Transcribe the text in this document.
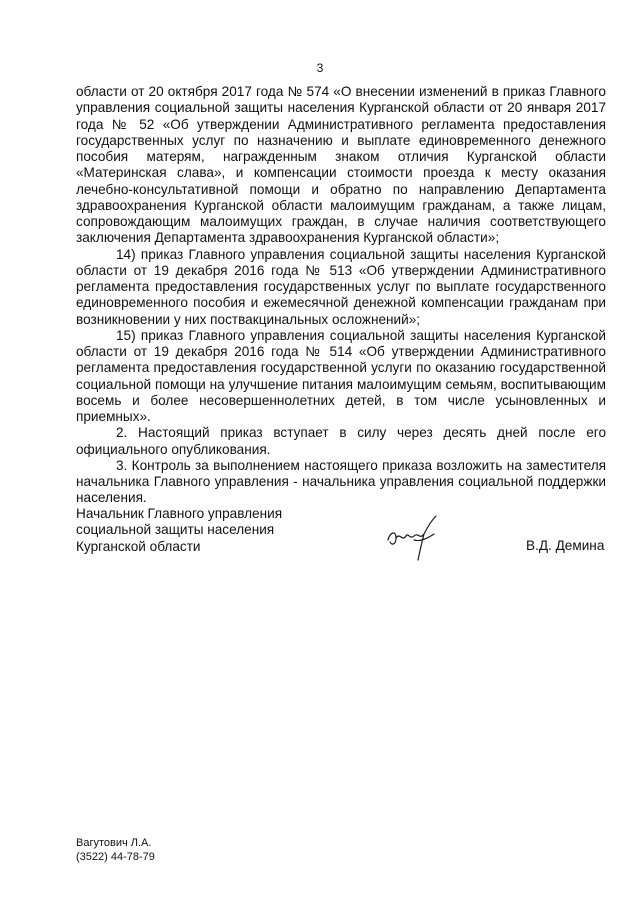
3

области от 20 октября 2017 года № 574 «О внесении изменений в приказ Главного управления социальной защиты населения Курганской области от 20 января 2017 года № 52 «Об утверждении Административного регламента предоставления государственных услуг по назначению и выплате единовременного денежного пособия матерям, награжденным знаком отличия Курганской области «Материнская слава», и компенсации стоимости проезда к месту оказания лечебно-консультативной помощи и обратно по направлению Департамента здравоохранения Курганской области малоимущим гражданам, а также лицам, сопровождающим малоимущих граждан, в случае наличия соответствующего заключения Департамента здравоохранения Курганской области»;

14) приказ Главного управления социальной защиты населения Курганской области от 19 декабря 2016 года № 513 «Об утверждении Административного регламента предоставления государственных услуг по выплате государственного единовременного пособия и ежемесячной денежной компенсации гражданам при возникновении у них поствакцинальных осложнений»;

15) приказ Главного управления социальной защиты населения Курганской области от 19 декабря 2016 года № 514 «Об утверждении Административного регламента предоставления государственной услуги по оказанию государственной социальной помощи на улучшение питания малоимущим семьям, воспитывающим восемь и более несовершеннолетних детей, в том числе усыновленных и приемных».

2. Настоящий приказ вступает в силу через десять дней после его официального опубликования.

3. Контроль за выполнением настоящего приказа возложить на заместителя начальника Главного управления - начальника управления социальной поддержки населения.

Начальник Главного управления
социальной защиты населения
Курганской области	В.Д. Демина
Вагутович Л.А.
(3522) 44-78-79
